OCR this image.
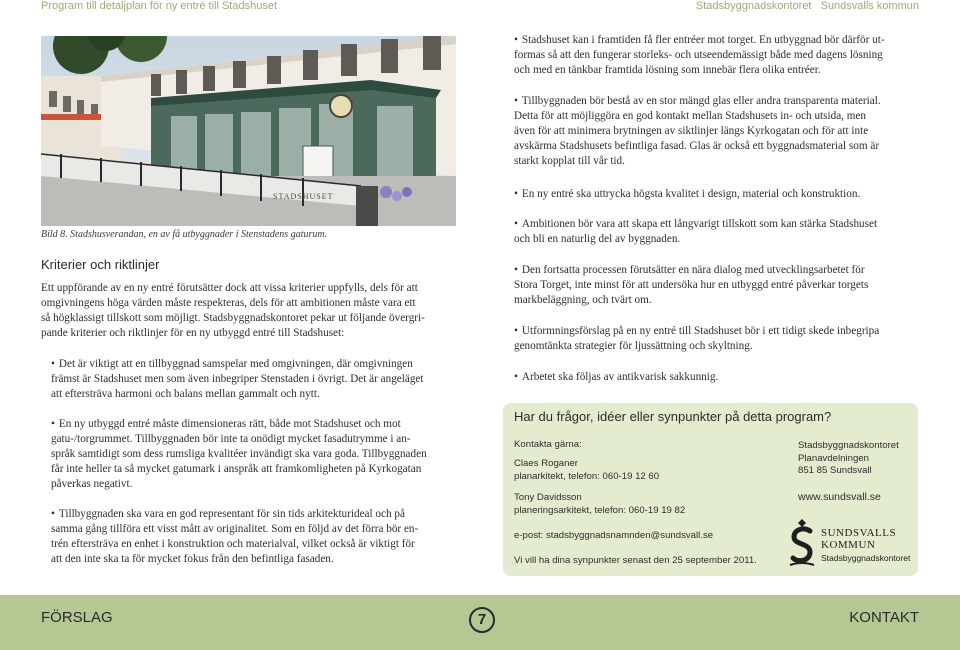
Program till detaljplan för ny entré till Stadshuset	Stadsbyggnadskontoret Sundsvalls kommun
STADSHUSET
Bild 8. Stadshusverandan, en av få utbyggnader i Stenstadens gaturum.
Kriterier och riktlinjer
Ett uppförande av en ny entré förutsätter dock att vissa kriterier uppfylls, dels för att
omgivningens höga värden måste respekteras, dels för att ambitionen måste vara ett
så högklassigt tillskott som möjligt. Stadsbyggnadskontoret pekar ut följande övergri-
pande kriterier och riktlinjer för en ny utbyggd entré till Stadshuset:
• Det är viktigt att en tillbyggnad samspelar med omgivningen, där omgivningen
främst är Stadshuset men som även inbegriper Stenstaden i övrigt. Det är angeläget
att eftersträva harmoni och balans mellan gammalt och nytt.
• En ny utbyggd entré måste dimensioneras rätt, både mot Stadshuset och mot
gatu-/torgrummet. Tillbyggnaden bör inte ta onödigt mycket fasadutrymme i an-
språk samtidigt som dess rumsliga kvalitéer invändigt ska vara goda. Tillbyggnaden
får inte heller ta så mycket gatumark i anspråk att framkomligheten på Kyrkogatan
påverkas negativt.
• Tillbyggnaden ska vara en god representant för sin tids arkitekturideal och på
samma gång tillföra ett visst mått av originalitet. Som en följd av det förra bör en-
trén eftersträva en enhet i konstruktion och materialval, vilket också är viktigt för
att den inte ska ta för mycket fokus från den befintliga fasaden.
• Stadshuset kan i framtiden få fler entréer mot torget. En utbyggnad bör därför ut-
formas så att den fungerar storleks- och utseendemässigt både med dagens lösning
och med en tänkbar framtida lösning som innebär flera olika entréer.
• Tillbyggnaden bör bestå av en stor mängd glas eller andra transparenta material.
Detta för att möjliggöra en god kontakt mellan Stadshusets in- och utsida, men
även för att minimera brytningen av siktlinjer längs Kyrkogatan och för att inte
avskärma Stadshusets befintliga fasad. Glas är också ett byggnadsmaterial som är
starkt kopplat till vår tid.
• En ny entré ska uttrycka högsta kvalitet i design, material och konstruktion.
• Ambitionen bör vara att skapa ett långvarigt tillskott som kan stärka Stadshuset
och bli en naturlig del av byggnaden.
• Den fortsatta processen förutsätter en nära dialog med utvecklingsarbetet för
Stora Torget, inte minst för att undersöka hur en utbyggd entré påverkar torgets
markbeläggning, och tvärt om.
• Utformningsförslag på en ny entré till Stadshuset bör i ett tidigt skede inbegripa
genomtänkta strategier för ljussättning och skyltning.
• Arbetet ska följas av antikvarisk sakkunnig.
Har du frågor, idéer eller synpunkter på detta program?
Kontakta gärna:
Claes Roganer
planarkitekt, telefon: 060-19 12 60
Tony Davidsson
planeringsarkitekt, telefon: 060-19 19 82
e-post: stadsbyggnadsnamnden@sundsvall.se
Vi vill ha dina synpunkter senast den 25 september 2011.
Stadsbyggnadskontoret
Planavdelningen
851 85 Sundsvall
www.sundsvall.se
SUNDSVALLS
KOMMUN
Stadsbyggnadskontoret
FÖRSLAG	7	KONTAKT
